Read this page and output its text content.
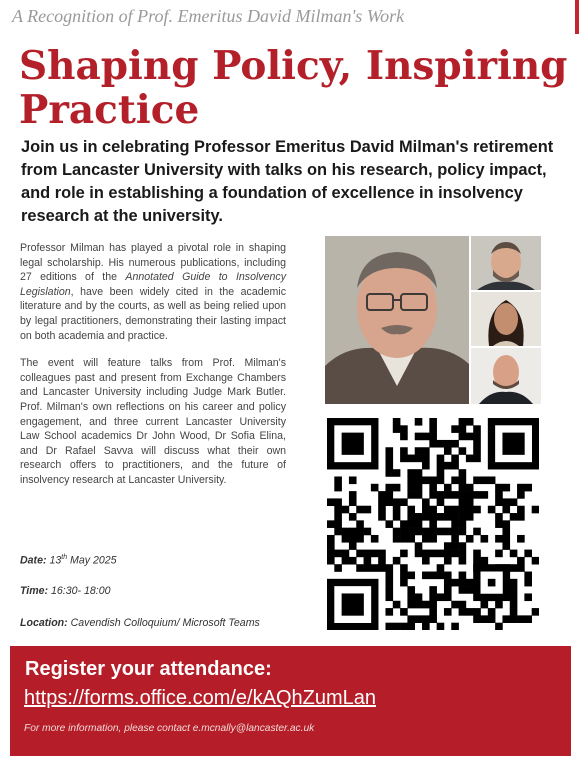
A Recognition of Prof. Emeritus David Milman's Work
Shaping Policy, Inspiring
Practice

Join us in celebrating Professor Emeritus David Milman's retirement from Lancaster University with talks on his research, policy impact, and role in establishing a foundation of excellence in insolvency research at the university.

Professor Milman has played a pivotal role in shaping legal scholarship. His numerous publications, including 27 editions of the Annotated Guide to Insolvency Legislation, have been widely cited in the academic literature and by the courts, as well as being relied upon by legal practitioners, demonstrating their lasting impact on both academia and practice.

The event will feature talks from Prof. Milman's colleagues past and present from Exchange Chambers and Lancaster University including Judge Mark Butler. Prof. Milman's own reflections on his career and policy engagement, and three current Lancaster University Law School academics Dr John Wood, Dr Sofia Elina, and Dr Rafael Savva will discuss what their own research offers to practitioners, and the future of insolvency research at Lancaster University.

Date: 13th May 2025
Time: 16:30- 18:00
Location: Cavendish Colloquium/ Microsoft Teams
Register your attendance:
https://forms.office.com/e/kAQhZumLan
For more information, please contact e.mcnally@lancaster.ac.uk
